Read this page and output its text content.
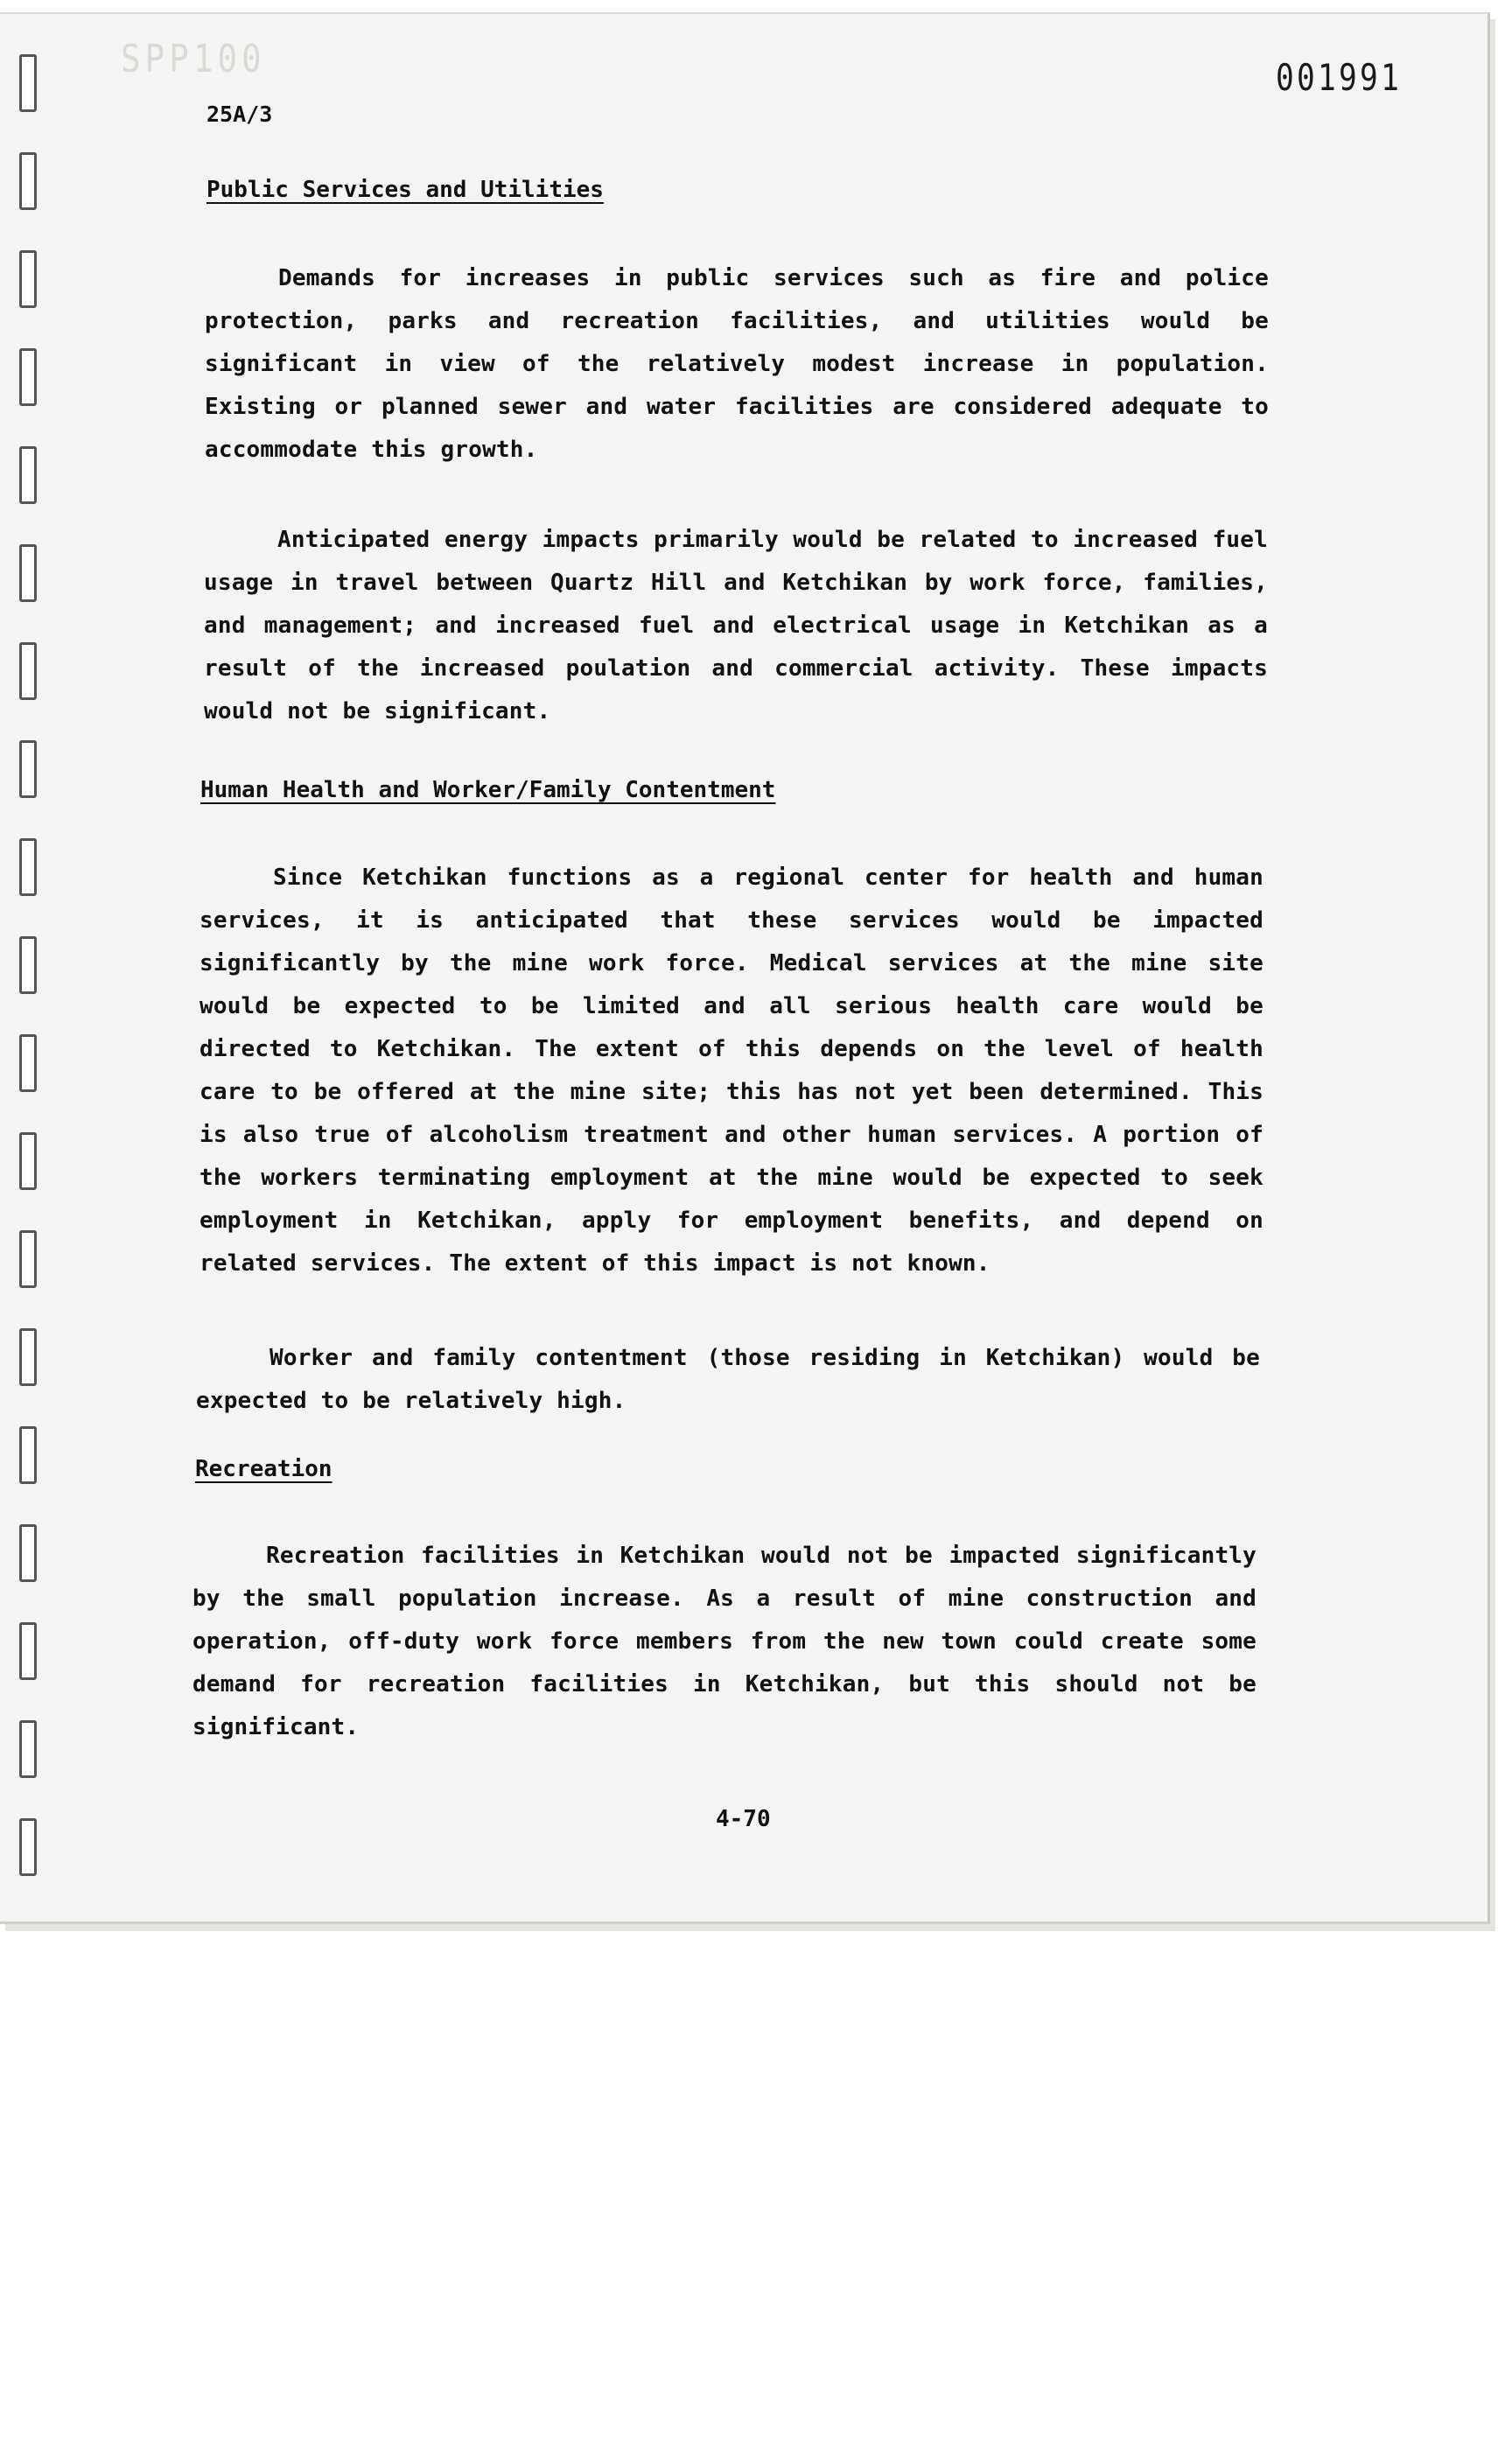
SPP100	001991
25A/3
Public Services and Utilities

Demands for increases in public services such as fire and police protection, parks and recreation facilities, and utilities would be significant in view of the relatively modest increase in population. Existing or planned sewer and water facilities are considered adequate to accommodate this growth.

Anticipated energy impacts primarily would be related to increased fuel usage in travel between Quartz Hill and Ketchikan by work force, families, and management; and increased fuel and electrical usage in Ketchikan as a result of the increased poulation and commercial activity. These impacts would not be significant.

Human Health and Worker/Family Contentment

Since Ketchikan functions as a regional center for health and human services, it is anticipated that these services would be impacted significantly by the mine work force. Medical services at the mine site would be expected to be limited and all serious health care would be directed to Ketchikan. The extent of this depends on the level of health care to be offered at the mine site; this has not yet been determined. This is also true of alcoholism treatment and other human services. A portion of the workers terminating employment at the mine would be expected to seek employment in Ketchikan, apply for employment benefits, and depend on related services. The extent of this impact is not known.

Worker and family contentment (those residing in Ketchikan) would be expected to be relatively high.

Recreation

Recreation facilities in Ketchikan would not be impacted significantly by the small population increase. As a result of mine construction and operation, off-duty work force members from the new town could create some demand for recreation facilities in Ketchikan, but this should not be significant.

4-70
